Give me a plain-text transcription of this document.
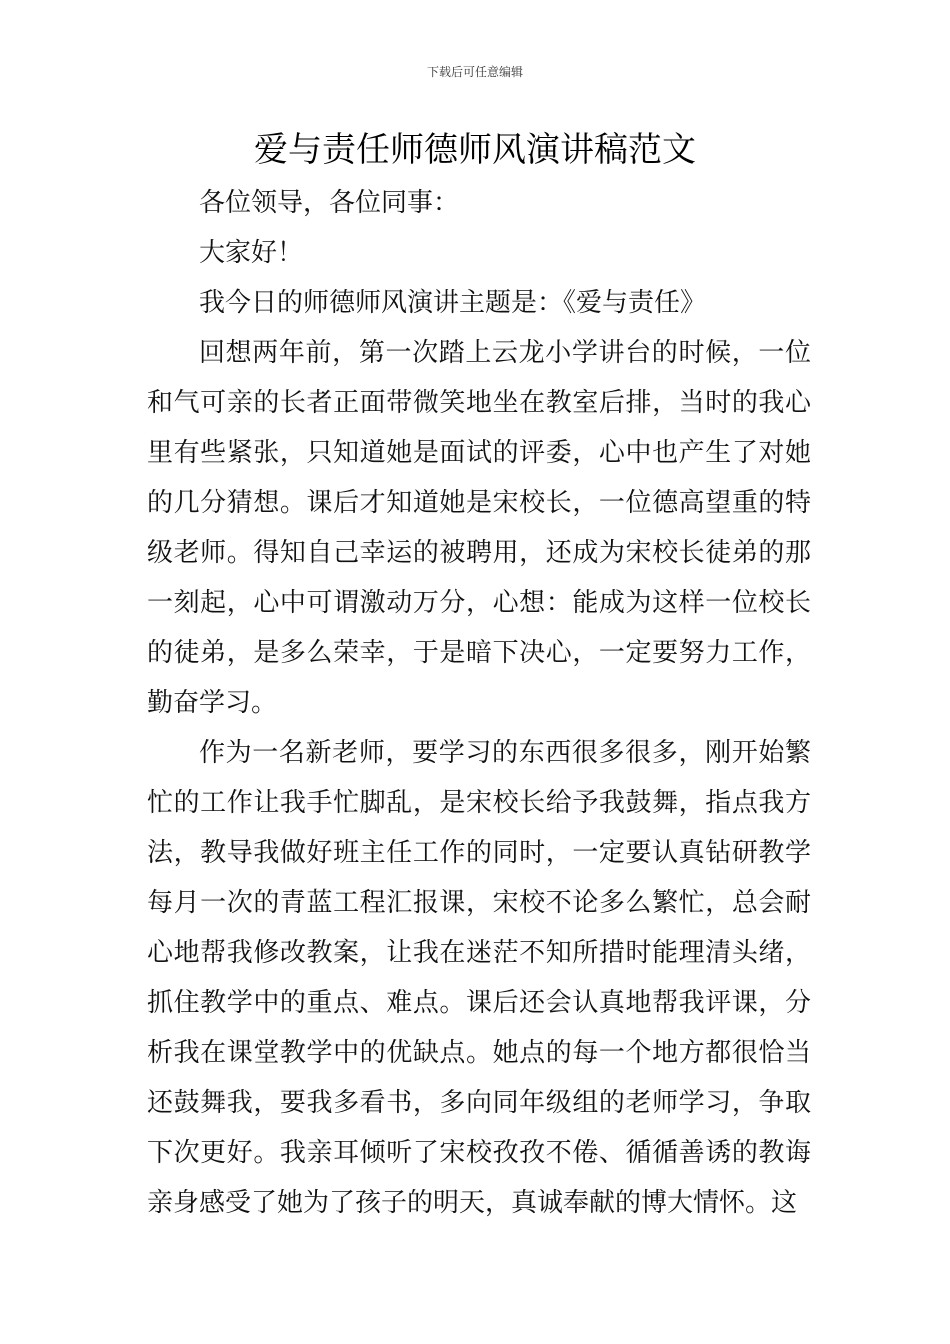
下载后可任意编辑
爱与责任师德师风演讲稿范文

各位领导，各位同事：

大家好！

我今日的师德师风演讲主题是：《爱与责任》

回想两年前，第一次踏上云龙小学讲台的时候，一位和气可亲的长者正面带微笑地坐在教室后排，当时的我心里有些紧张，只知道她是面试的评委，心中也产生了对她的几分猜想。课后才知道她是宋校长，一位德高望重的特级老师。得知自己幸运的被聘用，还成为宋校长徒弟的那一刻起，心中可谓激动万分，心想：能成为这样一位校长的徒弟，是多么荣幸，于是暗下决心，一定要努力工作，勤奋学习。

作为一名新老师，要学习的东西很多很多，刚开始繁忙的工作让我手忙脚乱，是宋校长给予我鼓舞，指点我方法，教导我做好班主任工作的同时，一定要认真钻研教学每月一次的青蓝工程汇报课，宋校不论多么繁忙，总会耐心地帮我修改教案，让我在迷茫不知所措时能理清头绪，抓住教学中的重点、难点。课后还会认真地帮我评课，分析我在课堂教学中的优缺点。她点的每一个地方都很恰当还鼓舞我，要我多看书，多向同年级组的老师学习，争取下次更好。我亲耳倾听了宋校孜孜不倦、循循善诱的教诲亲身感受了她为了孩子的明天，真诚奉献的博大情怀。这
